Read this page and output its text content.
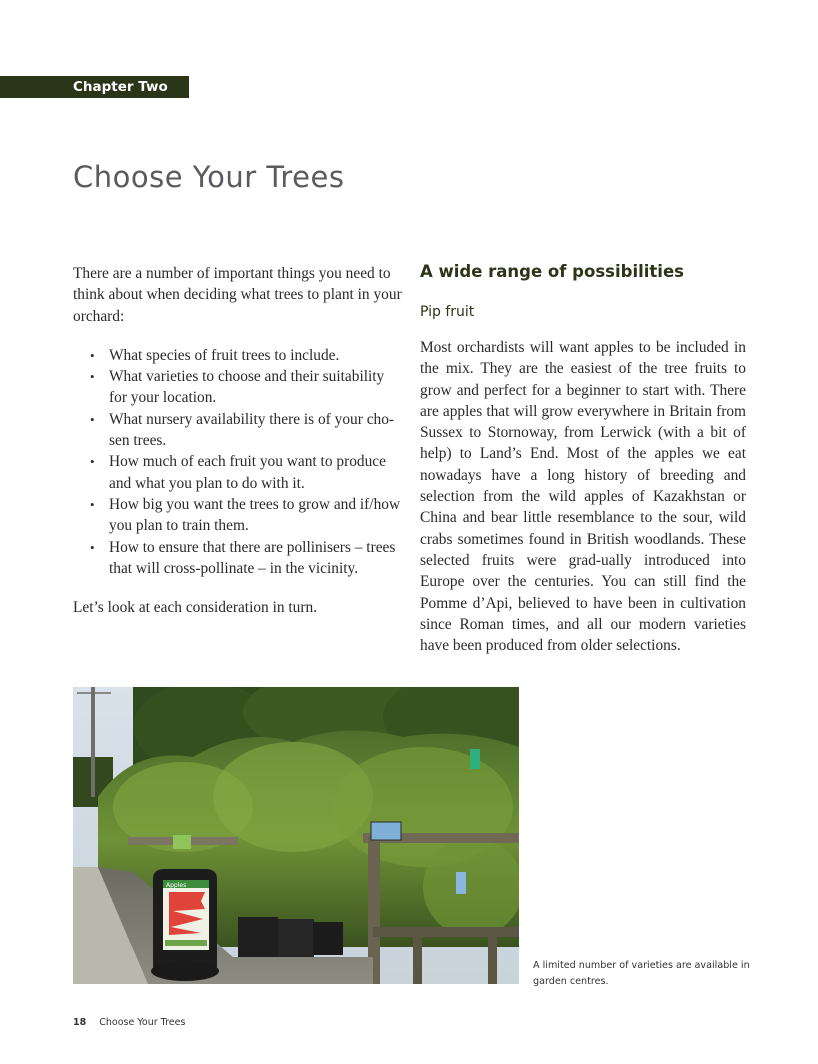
Chapter Two
Choose Your Trees

There are a number of important things you need to think about when deciding what trees to plant in your orchard:

• What species of fruit trees to include.
• What varieties to choose and their suitability for your location.
• What nursery availability there is of your cho-sen trees.
• How much of each fruit you want to produce and what you plan to do with it.
• How big you want the trees to grow and if/how you plan to train them.
• How to ensure that there are pollinisers – trees that will cross-pollinate – in the vicinity.

Let’s look at each consideration in turn.

A wide range of possibilities
Pip fruit

Most orchardists will want apples to be included in the mix. They are the easiest of the tree fruits to grow and perfect for a beginner to start with. There are apples that will grow everywhere in Britain from Sussex to Stornoway, from Lerwick (with a bit of help) to Land’s End. Most of the apples we eat nowadays have a long history of breeding and selection from the wild apples of Kazakhstan or China and bear little resemblance to the sour, wild crabs sometimes found in British woodlands. These selected fruits were grad-ually introduced into Europe over the centuries. You can still find the Pomme d’Api, believed to have been in cultivation since Roman times, and all our modern varieties have been produced from older selections.

Apples
A limited number of varieties are available in garden centres.
18 Choose Your Trees
